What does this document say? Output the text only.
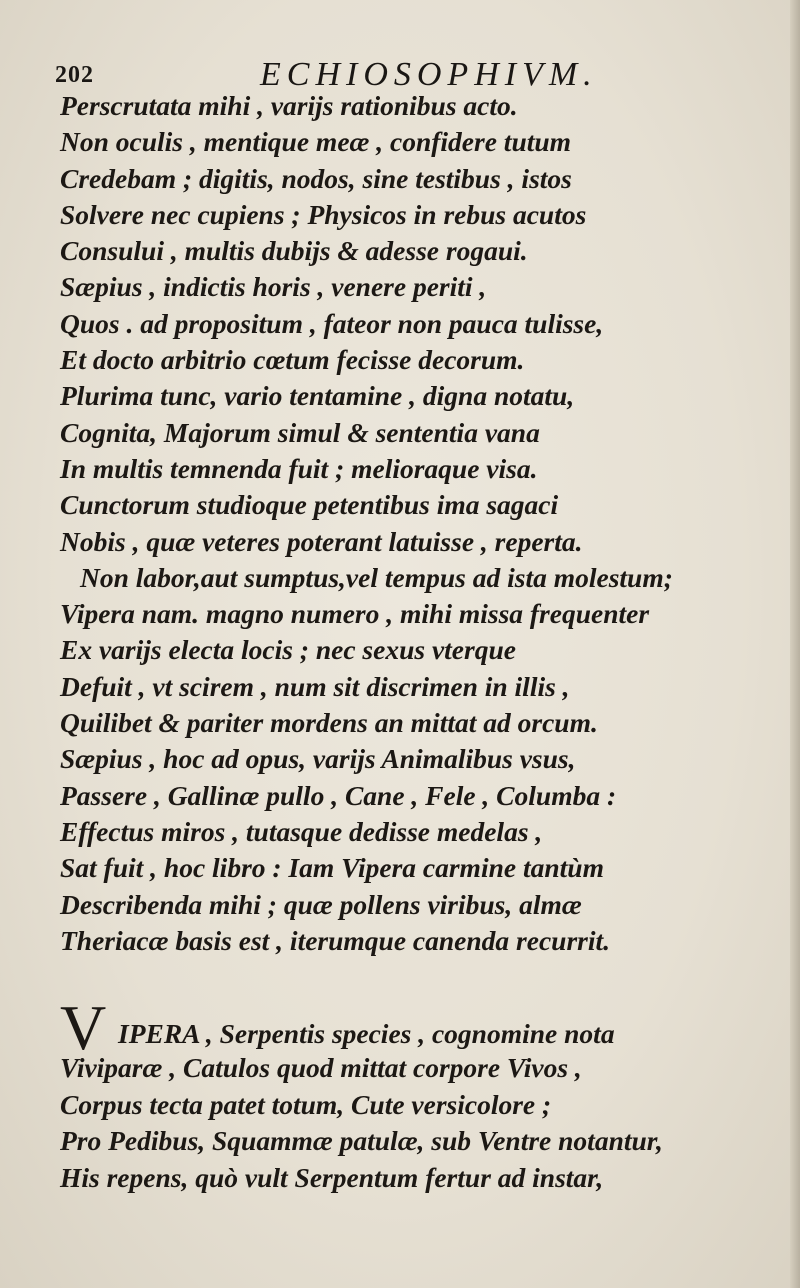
202	ECHIOSOPHIVM.
Perscrutata mihi , varijs rationibus acto.
Non oculis , mentique meæ , confidere tutum
Credebam ; digitis, nodos, sine testibus , istos
Solvere nec cupiens ; Physicos in rebus acutos
Consului , multis dubijs & adesse rogaui.
Sæpius , indictis horis , venere periti ,
Quos . ad propositum , fateor non pauca tulisse,
Et docto arbitrio cœtum fecisse decorum.
Plurima tunc, vario tentamine , digna notatu,
Cognita, Majorum simul & sententia vana
In multis temnenda fuit ; melioraque visa.
Cunctorum studioque petentibus ima sagaci
Nobis , quæ veteres poterant latuisse , reperta.
Non labor,aut sumptus,vel tempus ad ista molestum;
Vipera nam. magno numero , mihi missa frequenter
Ex varijs electa locis ; nec sexus vterque
Defuit , vt scirem , num sit discrimen in illis ,
Quilibet & pariter mordens an mittat ad orcum.
Sæpius , hoc ad opus, varijs Animalibus vsus,
Passere , Gallinæ pullo , Cane , Fele , Columba :
Effectus miros , tutasque dedisse medelas ,
Sat fuit , hoc libro : Iam Vipera carmine tantùm
Describenda mihi ; quæ pollens viribus, almæ
Theriacæ basis est , iterumque canenda recurrit.
V IPERA , Serpentis species , cognomine nota
Viviparæ , Catulos quod mittat corpore Vivos ,
Corpus tecta patet totum, Cute versicolore ;
Pro Pedibus, Squammæ patulæ, sub Ventre notantur,
His repens, quò vult Serpentum fertur ad instar,
